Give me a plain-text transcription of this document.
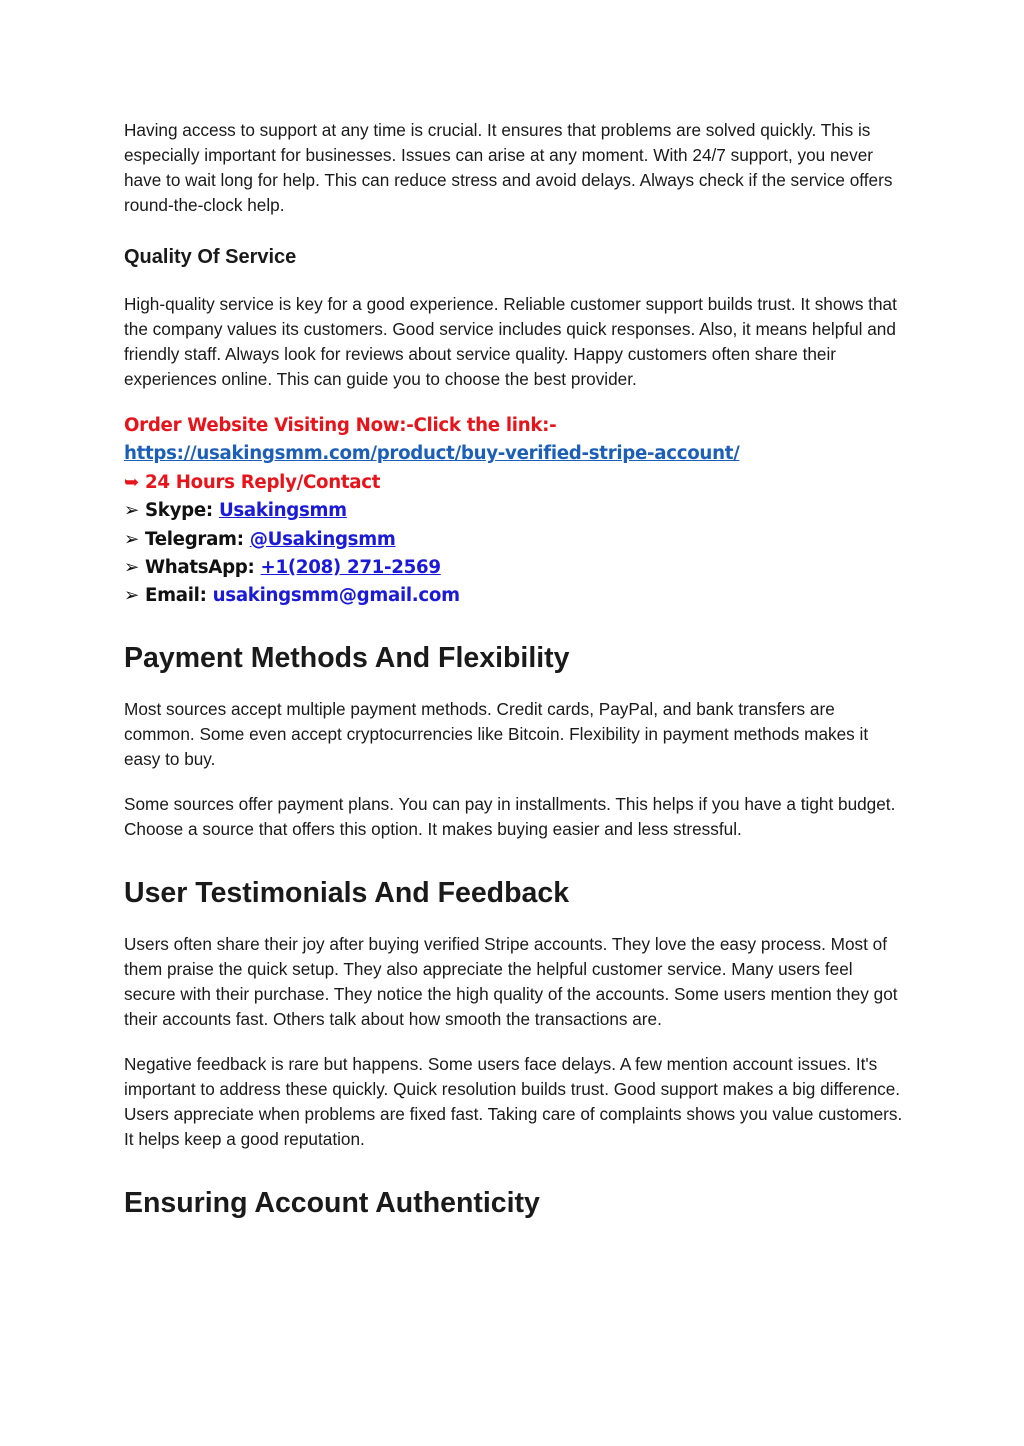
Having access to support at any time is crucial. It ensures that problems are solved quickly. This is especially important for businesses. Issues can arise at any moment. With 24/7 support, you never have to wait long for help. This can reduce stress and avoid delays. Always check if the service offers round-the-clock help.

Quality Of Service

High-quality service is key for a good experience. Reliable customer support builds trust. It shows that the company values its customers. Good service includes quick responses. Also, it means helpful and friendly staff. Always look for reviews about service quality. Happy customers often share their experiences online. This can guide you to choose the best provider.

Order Website Visiting Now:-Click the link:-
https://usakingsmm.com/product/buy-verified-stripe-account/
➥ 24 Hours Reply/Contact
➢ Skype: Usakingsmm
➢ Telegram: @Usakingsmm
➢ WhatsApp: +1(208) 271-2569
➢ Email: usakingsmm@gmail.com
Payment Methods And Flexibility

Most sources accept multiple payment methods. Credit cards, PayPal, and bank transfers are common. Some even accept cryptocurrencies like Bitcoin. Flexibility in payment methods makes it easy to buy.

Some sources offer payment plans. You can pay in installments. This helps if you have a tight budget. Choose a source that offers this option. It makes buying easier and less stressful.

User Testimonials And Feedback

Users often share their joy after buying verified Stripe accounts. They love the easy process. Most of them praise the quick setup. They also appreciate the helpful customer service. Many users feel secure with their purchase. They notice the high quality of the accounts. Some users mention they got their accounts fast. Others talk about how smooth the transactions are.

Negative feedback is rare but happens. Some users face delays. A few mention account issues. It's important to address these quickly. Quick resolution builds trust. Good support makes a big difference. Users appreciate when problems are fixed fast. Taking care of complaints shows you value customers. It helps keep a good reputation.

Ensuring Account Authenticity
